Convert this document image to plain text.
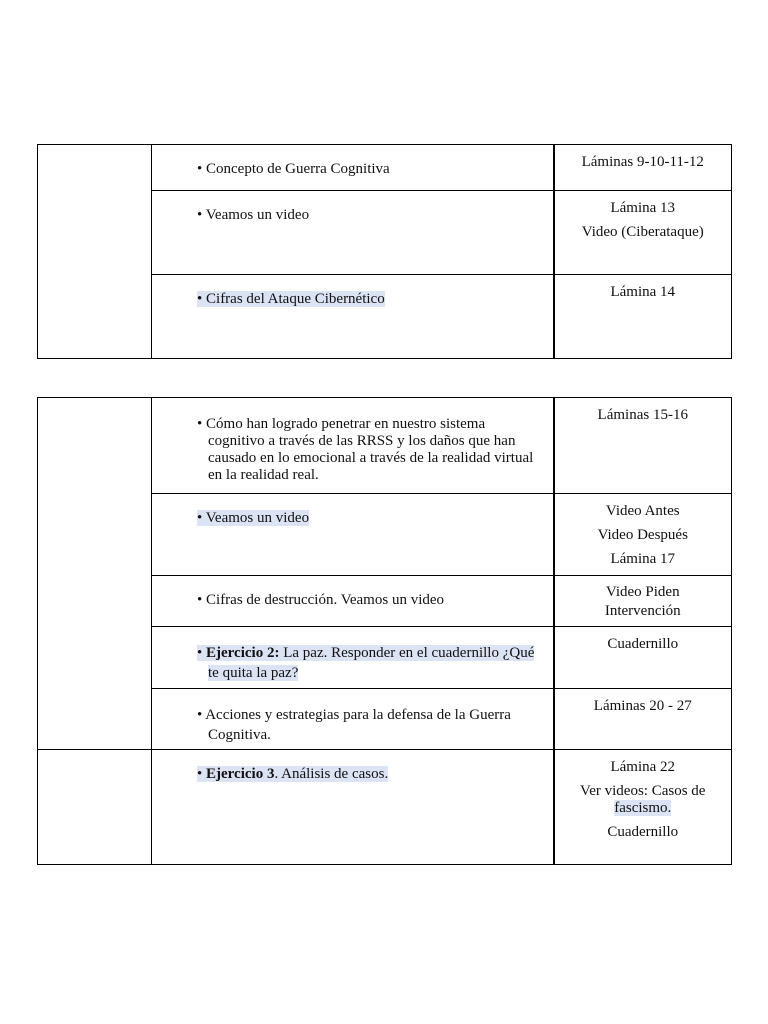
	• Concepto de Guerra Cognitiva	Láminas 9-10-11-12

	• Veamos un video	Lámina 13
Video (Ciberataque)

	• Cifras del Ataque Cibernético	Lámina 14

	• Cómo han logrado penetrar en nuestro sistema cognitivo a través de las RRSS y los daños que han causado en lo emocional a través de la realidad virtual en la realidad real.	Láminas 15-16

	• Veamos un video	Video Antes
Video Después
Lámina 17

	• Cifras de destrucción. Veamos un video	Video Piden Intervención

	• Ejercicio 2: La paz. Responder en el cuadernillo ¿Qué te quita la paz?	Cuadernillo

	• Acciones y estrategias para la defensa de la Guerra Cognitiva.	Láminas 20 - 27

	• Ejercicio 3. Análisis de casos.	Lámina 22
Ver videos: Casos de
fascismo.
Cuadernillo
